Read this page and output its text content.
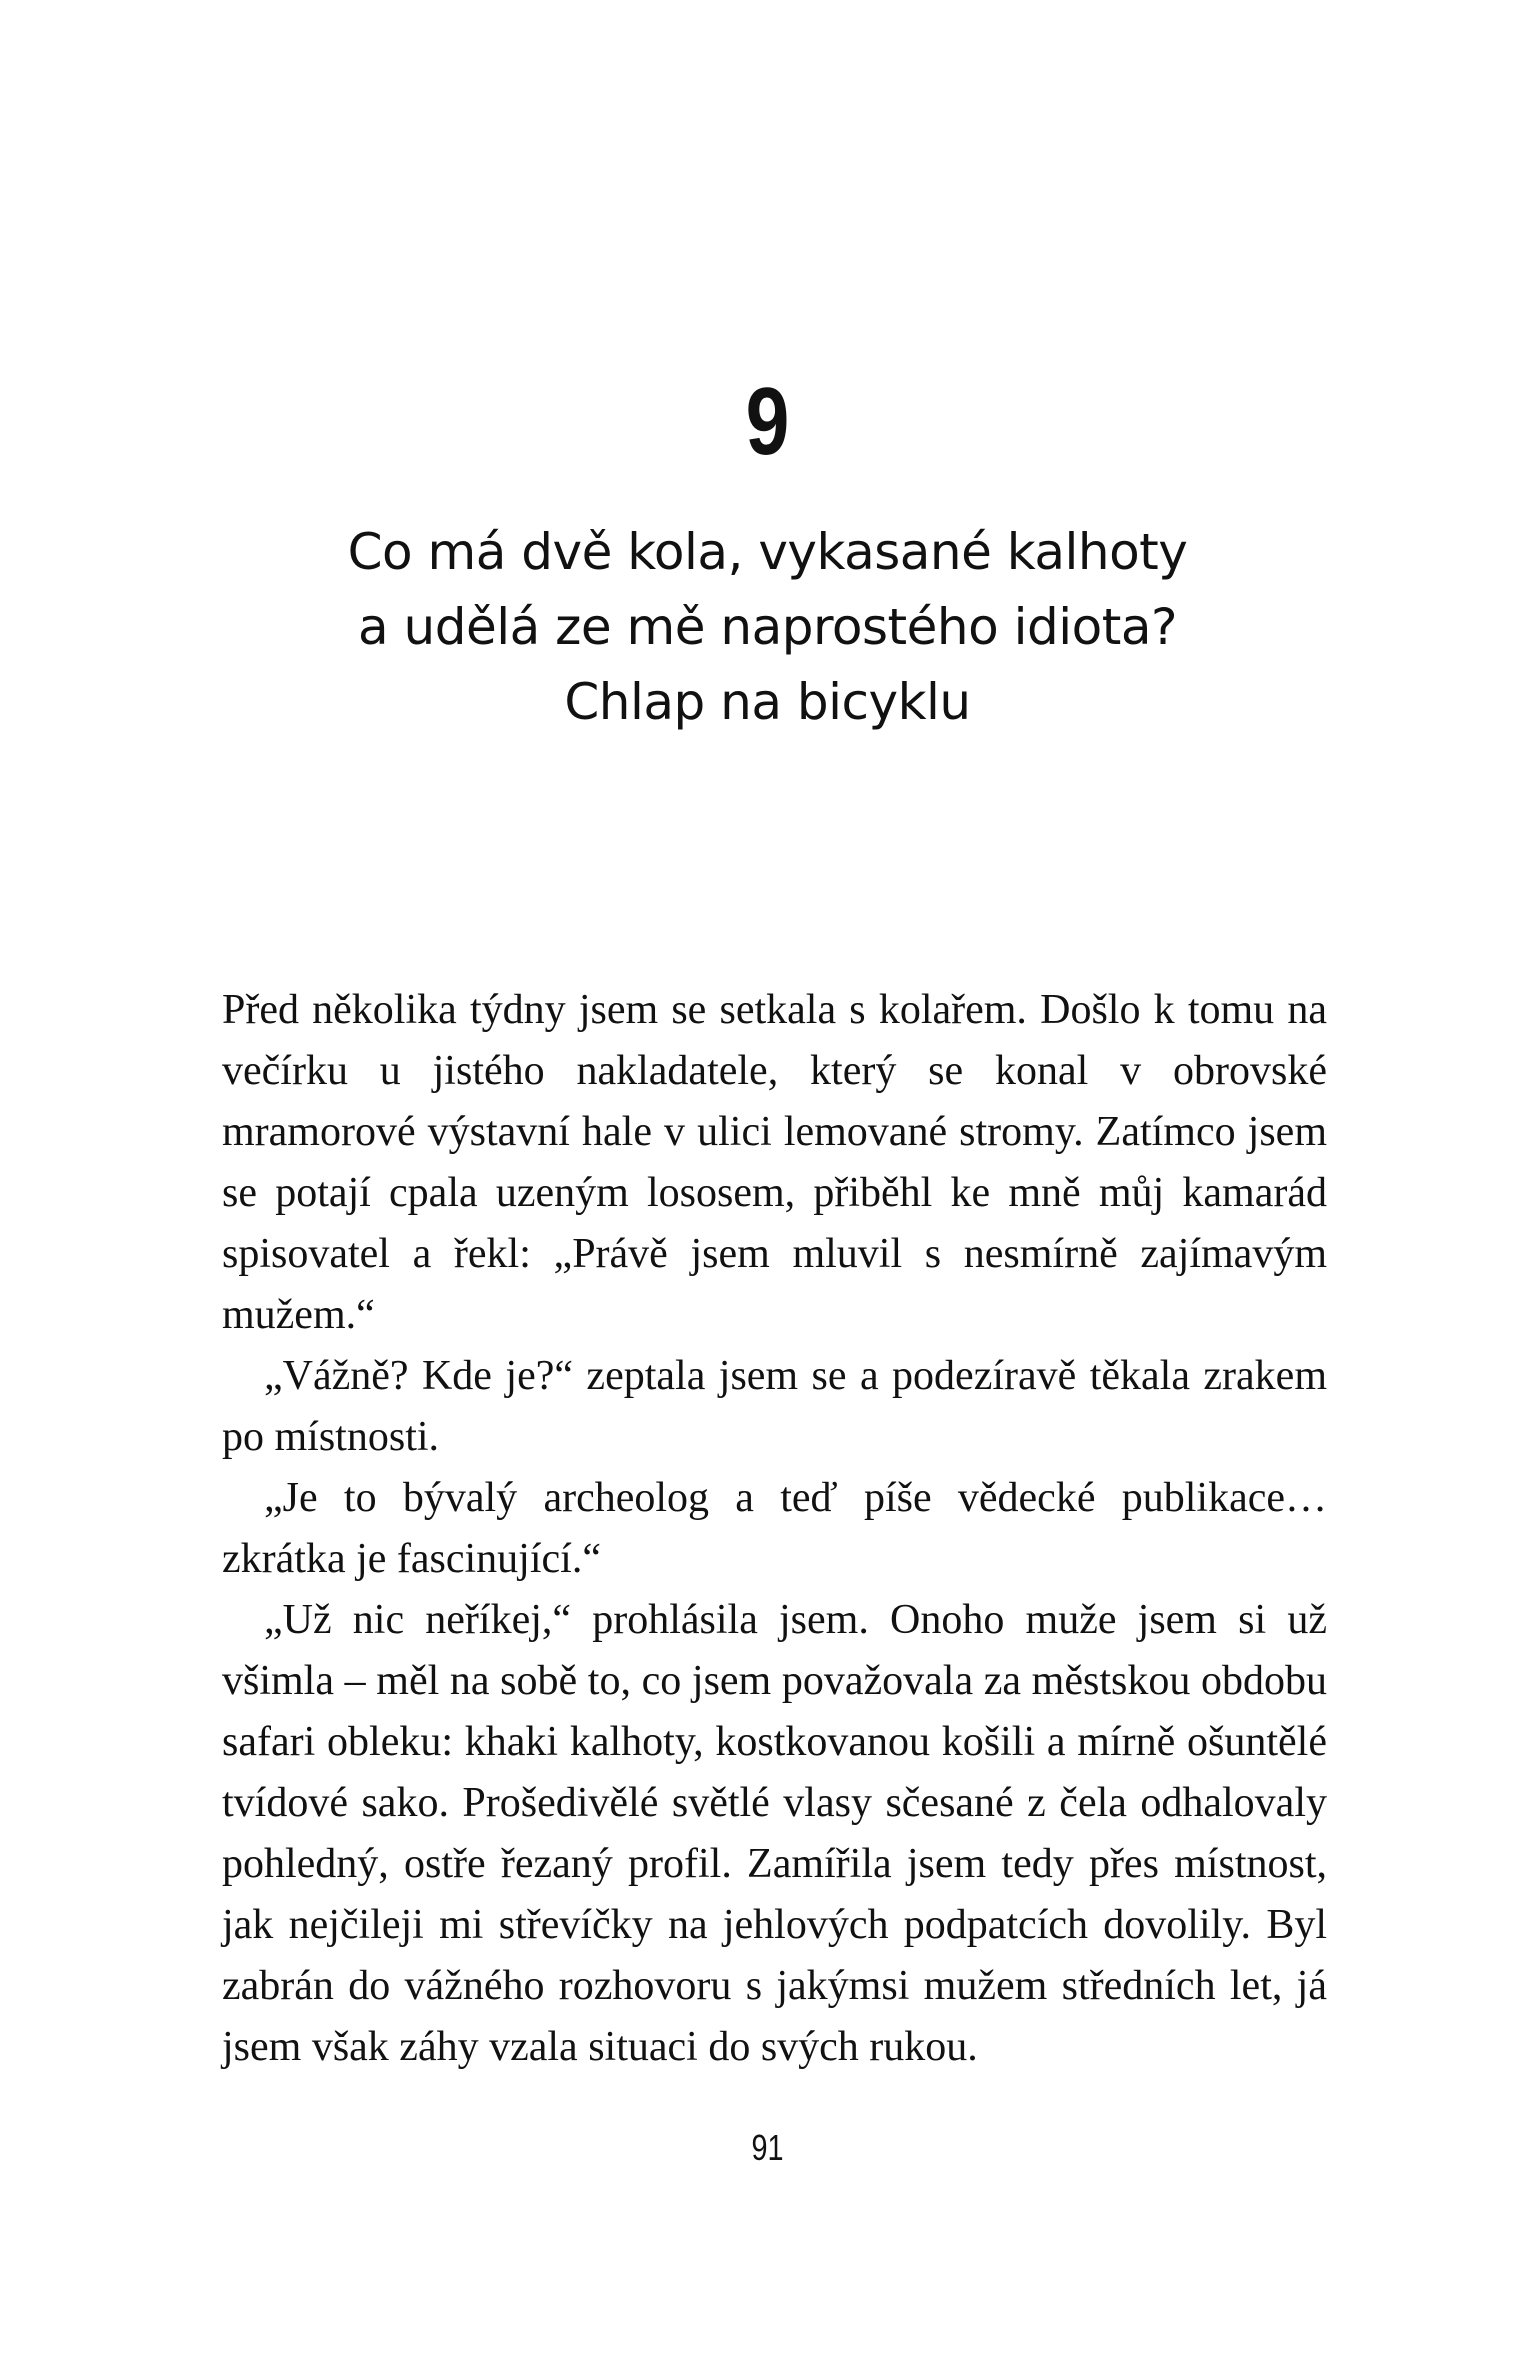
9
Co má dvě kola, vykasané kalhoty
a udělá ze mě naprostého idiota?
Chlap na bicyklu

Před několika týdny jsem se setkala s kolařem. Došlo k tomu na večírku u jistého nakladatele, který se konal v obrovské mramorové výstavní hale v ulici lemované stromy. Zatímco jsem se potají cpala uzeným lososem, přiběhl ke mně můj kamarád spisovatel a řekl: „Právě jsem mluvil s nesmírně zajímavým mužem.“

„Vážně? Kde je?“ zeptala jsem se a podezíravě těkala zrakem po místnosti.

„Je to bývalý archeolog a teď píše vědecké publikace… zkrátka je fascinující.“

„Už nic neříkej,“ prohlásila jsem. Onoho muže jsem si už všimla – měl na sobě to, co jsem považovala za městskou obdobu safari obleku: khaki kalhoty, kostkovanou košili a mírně ošuntělé tvídové sako. Prošedivělé světlé vlasy sčesané z čela odhalovaly pohledný, ostře řezaný profil. Zamířila jsem tedy přes místnost, jak nejčileji mi střevíčky na jehlových podpatcích dovolily. Byl zabrán do vážného rozhovoru s jakýmsi mužem středních let, já jsem však záhy vzala situaci do svých rukou.

91
